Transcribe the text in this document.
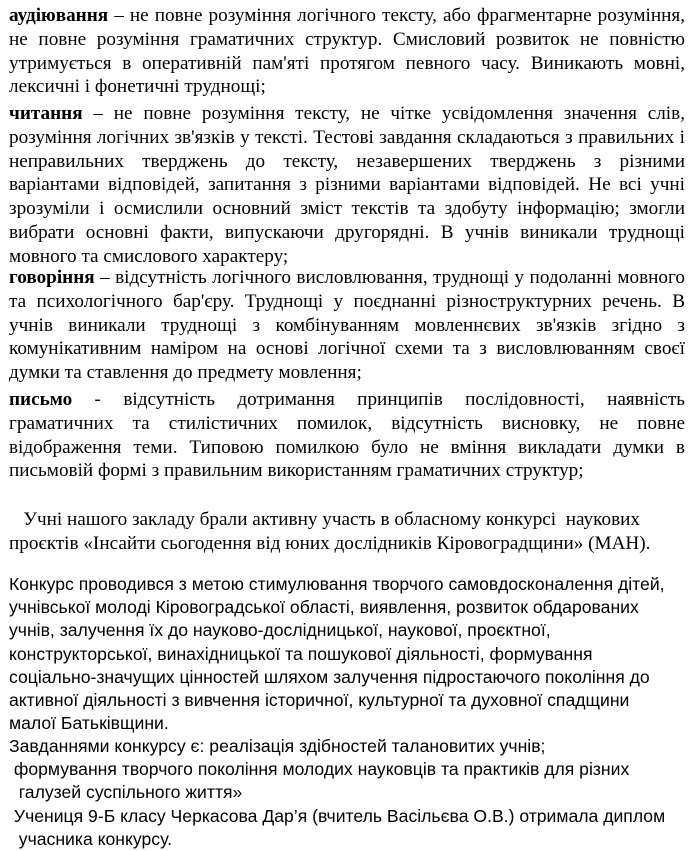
аудіювання – не повне розуміння логічного тексту, або фрагментарне розуміння, не повне розуміння граматичних структур. Смисловий розвиток не повністю утримується в оперативній пам'яті протягом певного часу. Виникають мовні, лексичні і фонетичні труднощі;

читання – не повне розуміння тексту, не чітке усвідомлення значення слів, розуміння логічних зв'язків у тексті. Тестові завдання складаються з правильних і неправильних тверджень до тексту, незавершених тверджень з різними варіантами відповідей, запитання з різними варіантами відповідей. Не всі учні зрозуміли і осмислили основний зміст текстів та здобуту інформацію; змогли вибрати основні факти, випускаючи другорядні. В учнів виникали труднощі мовного та смислового характеру;

говоріння – відсутність логічного висловлювання, труднощі у подоланні мовного та психологічного бар'єру. Труднощі у поєднанні різноструктурних речень. В учнів виникали труднощі з комбінуванням мовленнєвих зв'язків згідно з комунікативним наміром на основі логічної схеми та з висловлюванням своєї думки та ставлення до предмету мовлення;

письмо - відсутність дотримання принципів послідовності, наявність граматичних та стилістичних помилок, відсутність висновку, не повне відображення теми. Типовою помилкою було не вміння викладати думки в письмовій формі з правильним використанням граматичних структур;

Учні нашого закладу брали активну участь в обласному конкурсі  наукових проєктів «Інсайти сьогодення від юних дослідників Кіровоградщини» (МАН).

Конкурс проводився з метою стимулювання творчого самовдосконалення дітей,
учнівської молоді Кіровоградської області, виявлення, розвиток обдарованих
учнів, залучення їх до науково-дослідницької, наукової, проєктної,
конструкторської, винахідницької та пошукової діяльності, формування
соціально-значущих цінностей шляхом залучення підростаючого покоління до
активної діяльності з вивчення історичної, культурної та духовної спадщини
малої Батьківщини.
Завданнями конкурсу є: реалізація здібностей талановитих учнів;
формування творчого покоління молодих науковців та практиків для різних
галузей суспільного життя»
Учениця 9-Б класу Черкасова Дар’я (вчитель Васільєва О.В.) отримала диплом
учасника конкурсу.
